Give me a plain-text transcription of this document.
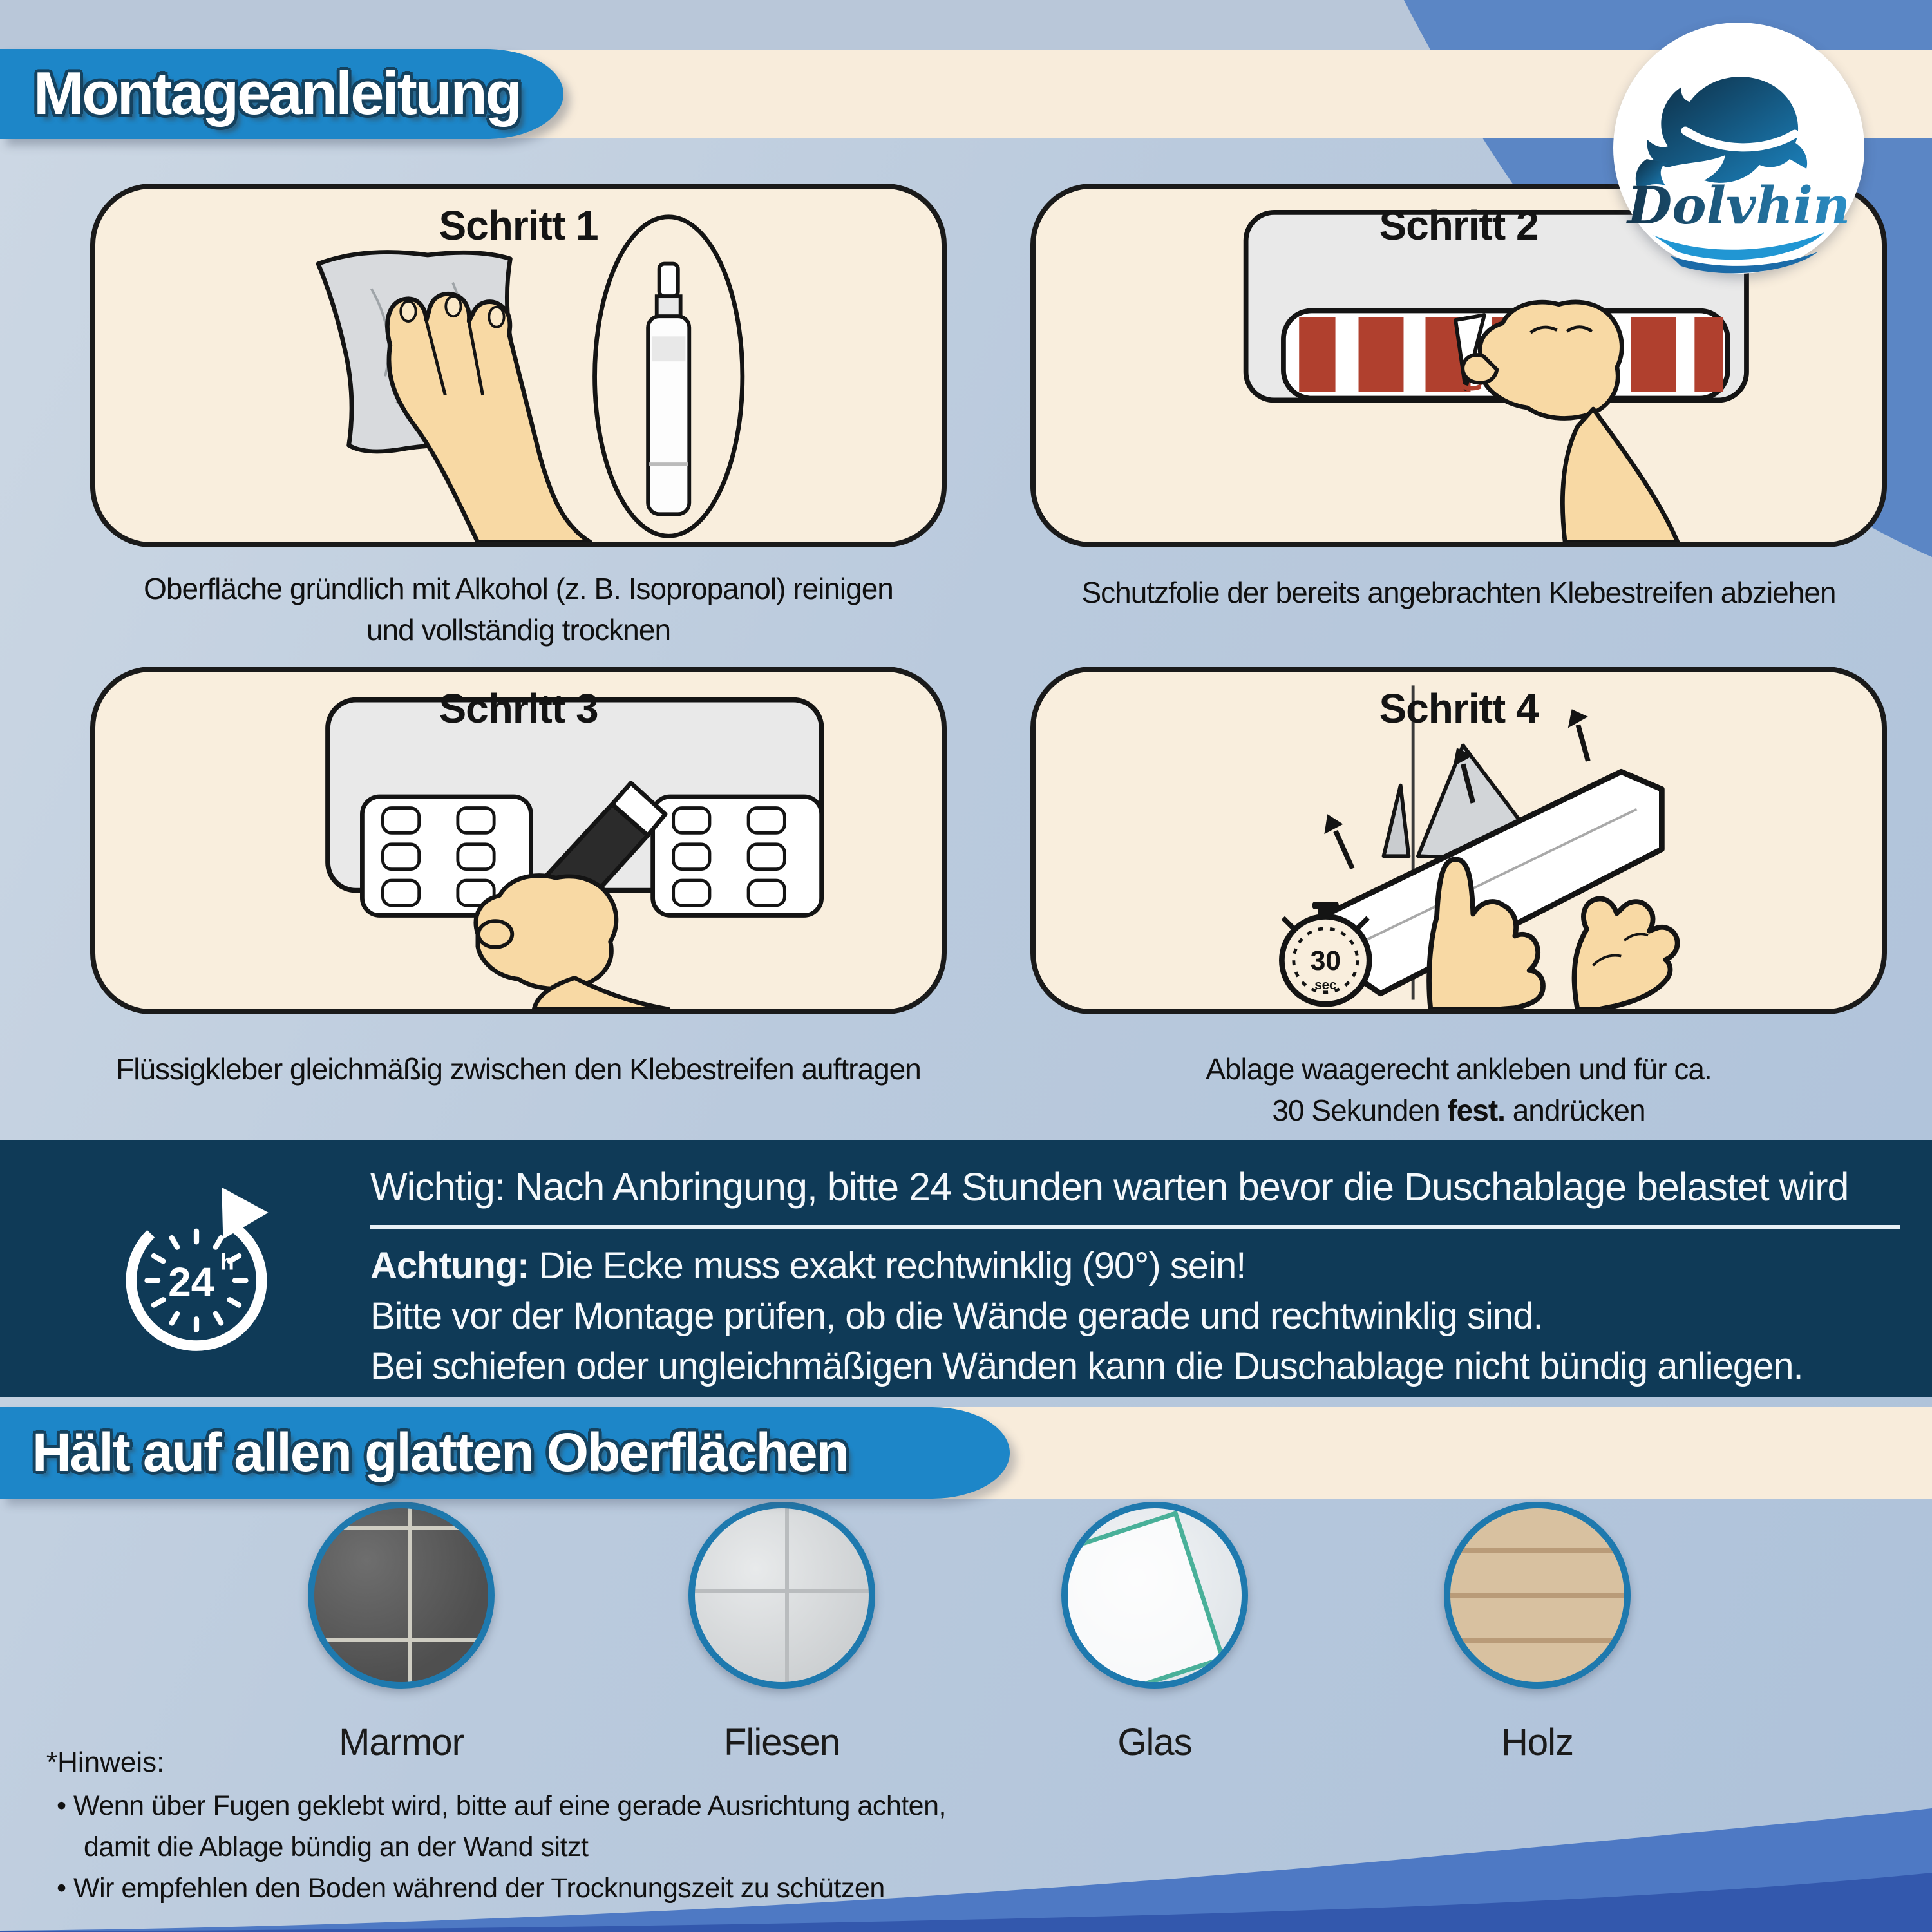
Montageanleitung
Dolvhin
Schritt 1	Schritt 2
Schritt 3
30
sec
Schritt 4
Oberfläche gründlich mit Alkohol (z. B. Isopropanol) reinigen
und vollständig trocknen
Schutzfolie der bereits angebrachten Klebestreifen abziehen
Flüssigkleber gleichmäßig zwischen den Klebestreifen auftragen	Ablage waagerecht ankleben und für ca.
30 Sekunden fest. andrücken
24 h
Wichtig: Nach Anbringung, bitte 24 Stunden warten bevor die Duschablage belastet wird
Achtung: Die Ecke muss exakt rechtwinklig (90°) sein!
Bitte vor der Montage prüfen, ob die Wände gerade und rechtwinklig sind.
Bei schiefen oder ungleichmäßigen Wänden kann die Duschablage nicht bündig anliegen.
Hält auf allen glatten Oberflächen
Marmor	Fliesen	Glas	Holz
*Hinweis:
• Wenn über Fugen geklebt wird, bitte auf eine gerade Ausrichtung achten,
damit die Ablage bündig an der Wand sitzt
• Wir empfehlen den Boden während der Trocknungszeit zu schützen
